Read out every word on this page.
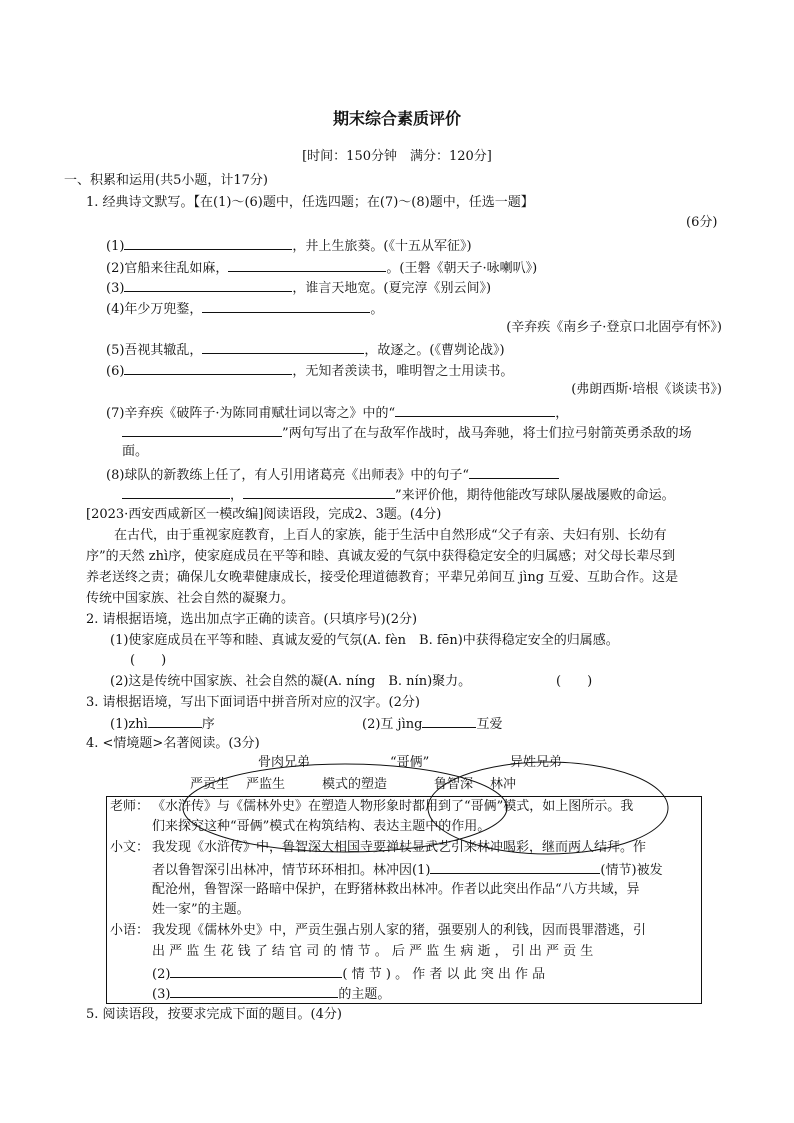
期末综合素质评价
[时间：150分钟　满分：120分]
一、积累和运用(共5小题，计17分)
1. 经典诗文默写。【在(1)～(6)题中，任选四题；在(7)～(8)题中，任选一题】
(6分)
(1)	，井上生旅葵。(《十五从军征》)
(2)官船来往乱如麻，	。(王磐《朝天子·咏喇叭》)
(3)	，谁言天地宽。(夏完淳《别云间》)
(4)年少万兜鍪，	。
(辛弃疾《南乡子·登京口北固亭有怀》)
(5)吾视其辙乱，	，故逐之。(《曹刿论战》)
(6)	，无知者羡读书，唯明智之士用读书。
(弗朗西斯·培根《谈读书》)
(7)辛弃疾《破阵子·为陈同甫赋壮词以寄之》中的“	，
”两句写出了在与敌军作战时，战马奔驰，将士们拉弓射箭英勇杀敌的场
面。
(8)球队的新教练上任了，有人引用诸葛亮《出师表》中的句子“
，	”来评价他，期待他能改写球队屡战屡败的命运。
[2023·西安西咸新区一模改编]阅读语段，完成2、3题。(4分)
在古代，由于重视家庭教育，上百人的家族，能于生活中自然形成“父子有亲、夫妇有别、长幼有
序”的天然 zhì序，使家庭成员在平等和睦、真诚友爱的气氛中获得稳定安全的归属感；对父母长辈尽到
养老送终之责；确保儿女晚辈健康成长，接受伦理道德教育；平辈兄弟间互 jìng 互爱、互助合作。这是
传统中国家族、社会自然的凝聚力。
2. 请根据语境，选出加点字正确的读音。(只填序号)(2分)
(1)使家庭成员在平等和睦、真诚友爱的气氛(A. fèn　B. fēn)中获得稳定安全的归属感。
(　　)
(2)这是传统中国家族、社会自然的凝(A. níng　B. nín)聚力。	(　　)
3. 请根据语境，写出下面词语中拼音所对应的汉字。(2分)
(1)zhì	序	(2)互 jìng	互爱
4. <情境题>名著阅读。(3分)
骨肉兄弟	“哥俩”	异姓兄弟
严贡生 严监生	模式的塑造	鲁智深 林冲
老师： 《水浒传》与《儒林外史》在塑造人物形象时都用到了“哥俩”模式，如上图所示。我
们来探究这种“哥俩”模式在构筑结构、表达主题中的作用。
小文： 我发现《水浒传》中，鲁智深大相国寺要禅杖显武艺引来林冲喝彩，继而两人结拜。作
者以鲁智深引出林冲，情节环环相扣。林冲因(1)	(情节)被发
配沧州，鲁智深一路暗中保护，在野猪林救出林冲。作者以此突出作品“八方共域，异
姓一家”的主题。
小语： 我发现《儒林外史》中，严贡生强占别人家的猪，强要别人的利钱，因而畏罪潜逃，引
出 严 监 生 花 钱 了 结 官 司 的 情 节 。 后 严 监 生 病 逝 ， 引 出 严 贡 生
(2)	( 情 节 ) 。 作 者 以 此 突 出 作 品
(3)	的主题。
5. 阅读语段，按要求完成下面的题目。(4分)
